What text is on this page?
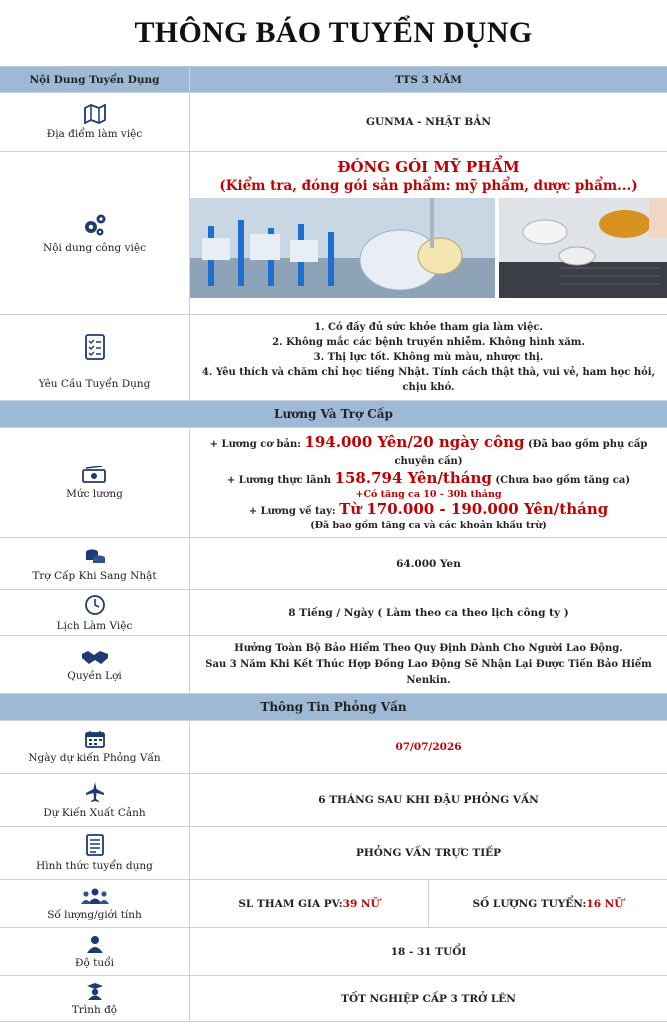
THÔNG BÁO TUYỂN DỤNG
Nội Dung Tuyển Dụng	TTS 3 NĂM
Địa điểm làm việc
GUNMA - NHẬT BẢN
Nội dung công việc
ĐÓNG GÓI MỸ PHẨM
(Kiểm tra, đóng gói sản phẩm: mỹ phẩm, dược phẩm...)
Yêu Cầu Tuyển Dụng
1. Có đầy đủ sức khỏe tham gia làm việc.
2. Không mắc các bệnh truyền nhiễm. Không hình xăm.
3. Thị lực tốt. Không mù màu, nhược thị.
4. Yêu thích và chăm chỉ học tiếng Nhật. Tính cách thật thà, vui vẻ, ham học hỏi, chịu khó.
Lương Và Trợ Cấp
Mức lương
+ Lương cơ bản: 194.000 Yên/20 ngày công (Đã bao gồm phụ cấp chuyên cần)
+ Lương thực lãnh 158.794 Yên/tháng (Chưa bao gồm tăng ca)
+Có tăng ca 10 - 30h tháng
+ Lương về tay: Từ 170.000 - 190.000 Yên/tháng
(Đã bao gồm tăng ca và các khoản khấu trừ)
Trợ Cấp Khi Sang Nhật
64.000 Yen
Lịch Làm Việc
8 Tiếng / Ngày ( Làm theo ca theo lịch công ty )
Quyền Lợi
Hưởng Toàn Bộ Bảo Hiểm Theo Quy Định Dành Cho Người Lao Động.
Sau 3 Năm Khi Kết Thúc Hợp Đồng Lao Động Sẽ Nhận Lại Được Tiền Bảo Hiểm Nenkin.
Thông Tin Phỏng Vấn
Ngày dự kiến Phỏng Vấn
07/07/2026
Dự Kiến Xuất Cảnh
6 THÁNG SAU KHI ĐẬU PHỎNG VẤN
Hình thức tuyển dụng
PHỎNG VẤN TRỰC TIẾP
Số lượng/giới tính
SL THAM GIA PV: 39 NỮ	SỐ LƯỢNG TUYỂN: 16 NỮ
Độ tuổi
18 - 31 TUỔI
Trình độ
TỐT NGHIỆP CẤP 3 TRỞ LÊN
